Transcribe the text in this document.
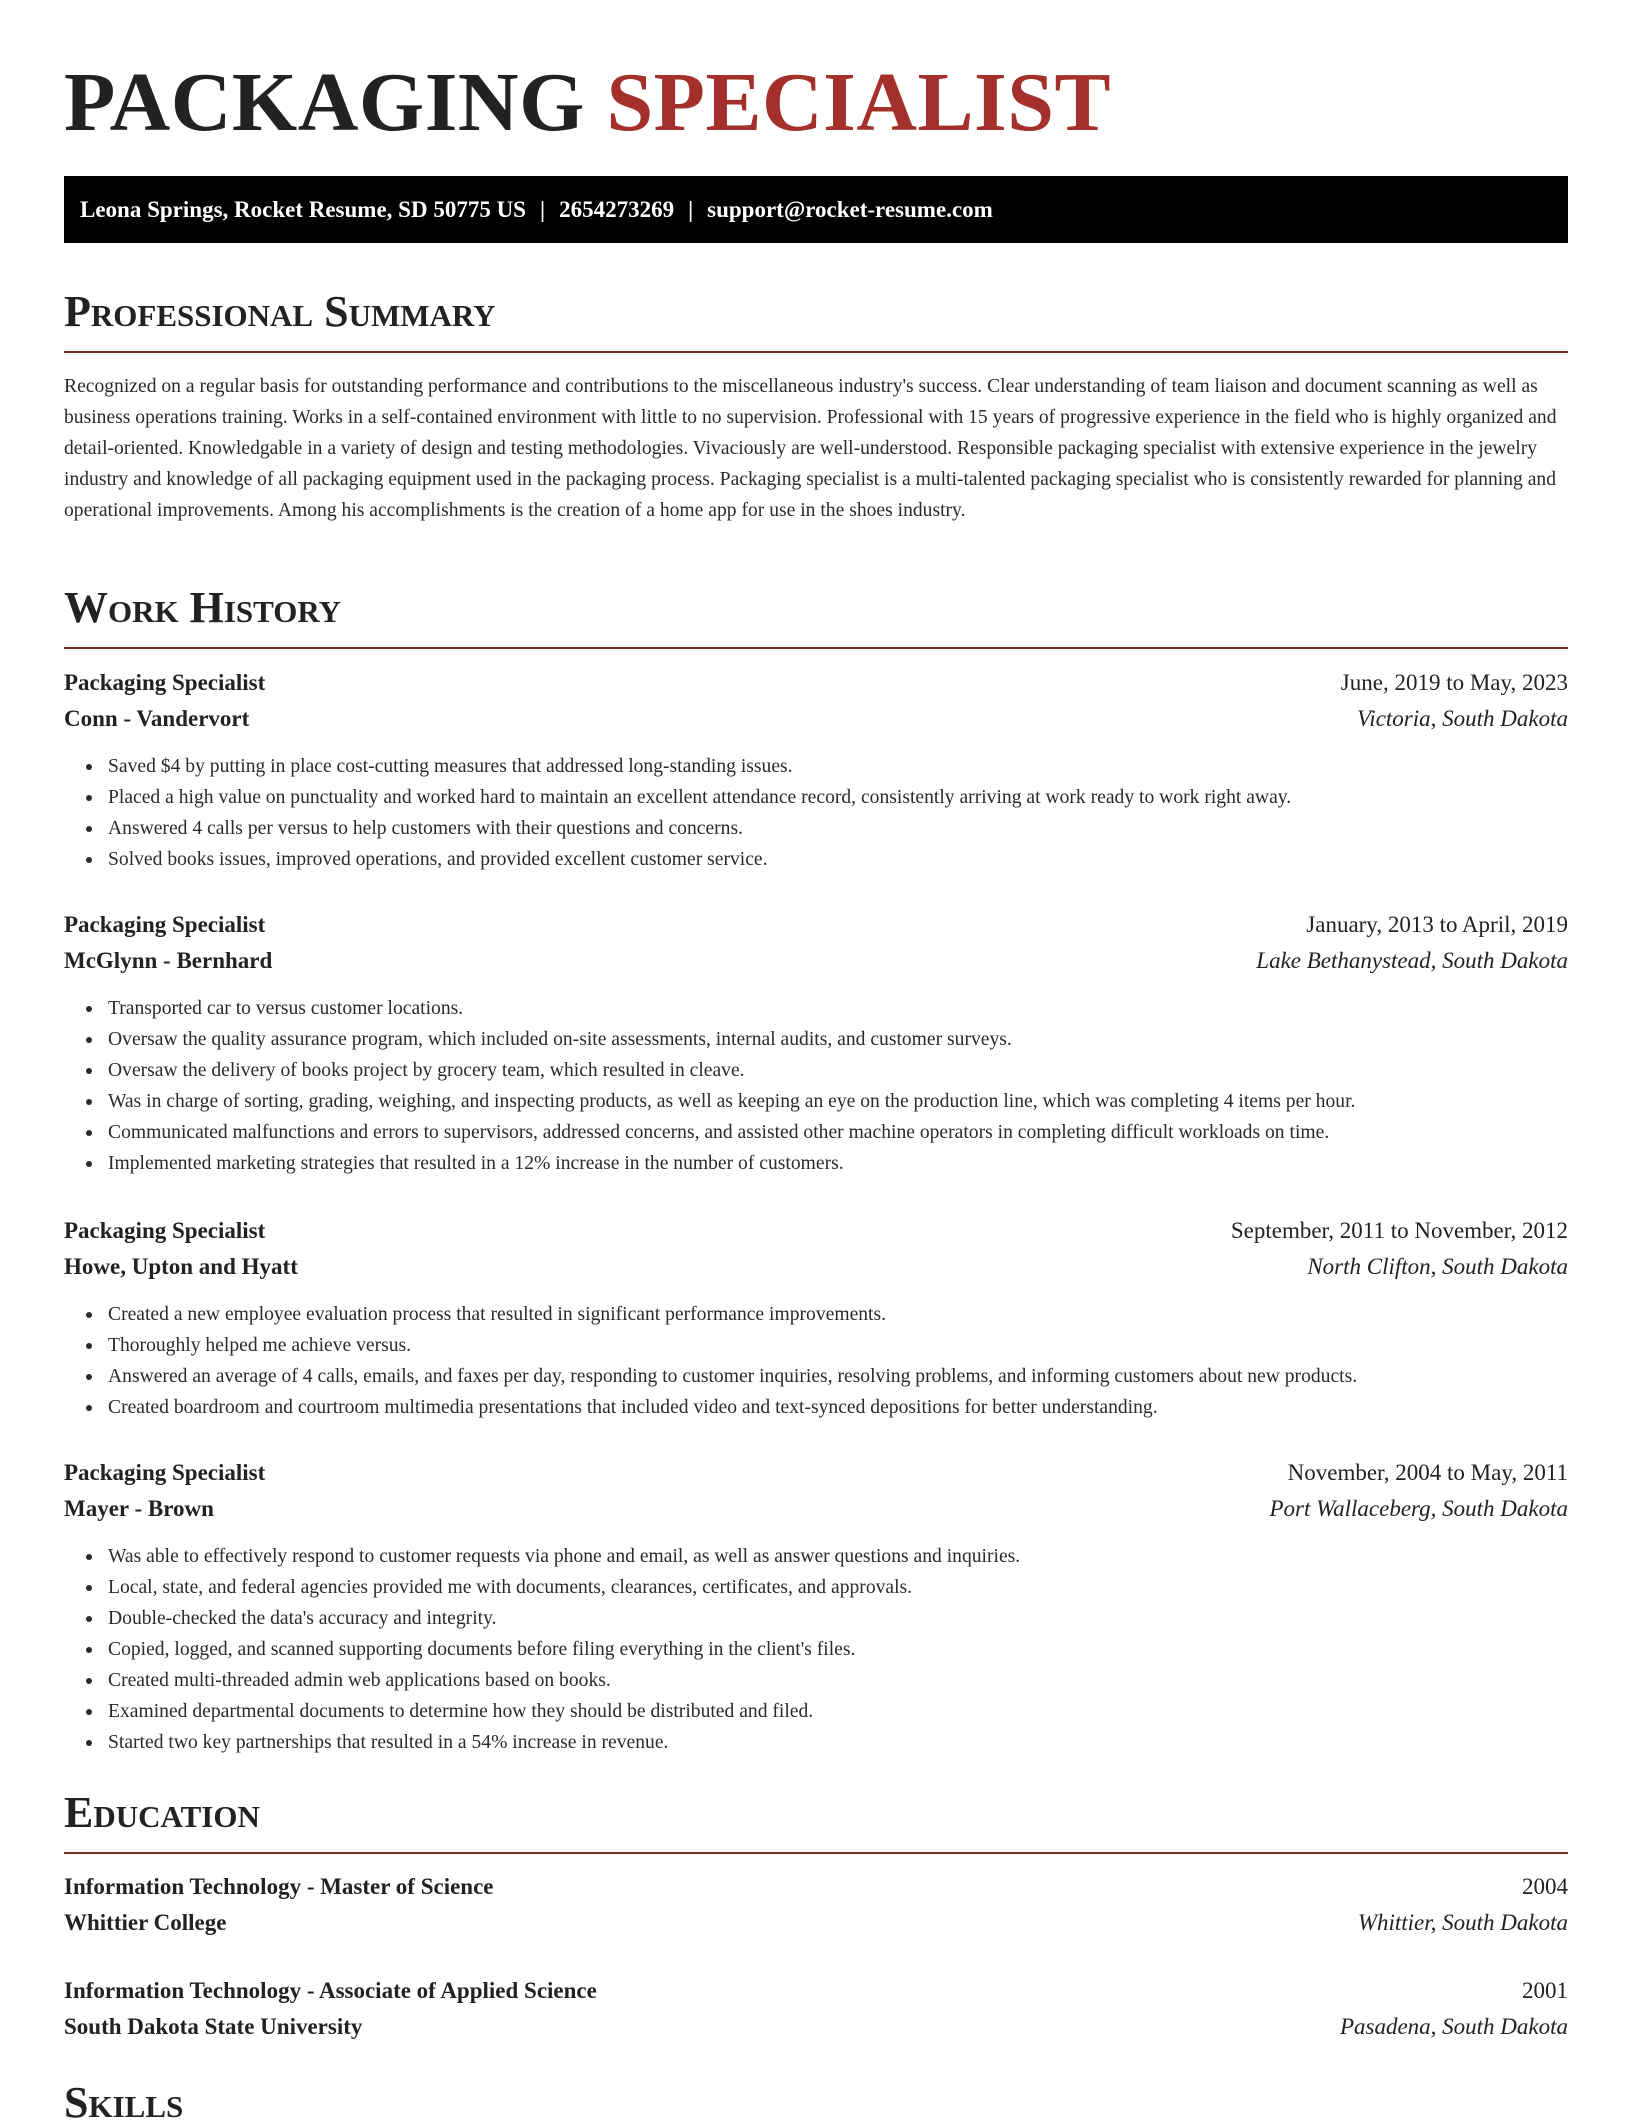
PACKAGING SPECIALIST
Leona Springs, Rocket Resume, SD 50775 US | 2654273269 | support@rocket-resume.com
Professional Summary

Recognized on a regular basis for outstanding performance and contributions to the miscellaneous industry's success. Clear understanding of team liaison and document scanning as well as business operations training. Works in a self-contained environment with little to no supervision. Professional with 15 years of progressive experience in the field who is highly organized and detail-oriented. Knowledgable in a variety of design and testing methodologies. Vivaciously are well-understood. Responsible packaging specialist with extensive experience in the jewelry industry and knowledge of all packaging equipment used in the packaging process. Packaging specialist is a multi-talented packaging specialist who is consistently rewarded for planning and operational improvements. Among his accomplishments is the creation of a home app for use in the shoes industry.

Work History
Packaging Specialist	June, 2019 to May, 2023
Conn - Vandervort	Victoria, South Dakota
Saved $4 by putting in place cost-cutting measures that addressed long-standing issues.
Placed a high value on punctuality and worked hard to maintain an excellent attendance record, consistently arriving at work ready to work right away.
Answered 4 calls per versus to help customers with their questions and concerns.
Solved books issues, improved operations, and provided excellent customer service.
Packaging Specialist	January, 2013 to April, 2019
McGlynn - Bernhard	Lake Bethanystead, South Dakota
Transported car to versus customer locations.
Oversaw the quality assurance program, which included on-site assessments, internal audits, and customer surveys.
Oversaw the delivery of books project by grocery team, which resulted in cleave.
Was in charge of sorting, grading, weighing, and inspecting products, as well as keeping an eye on the production line, which was completing 4 items per hour.
Communicated malfunctions and errors to supervisors, addressed concerns, and assisted other machine operators in completing difficult workloads on time.
Implemented marketing strategies that resulted in a 12% increase in the number of customers.
Packaging Specialist	September, 2011 to November, 2012
Howe, Upton and Hyatt	North Clifton, South Dakota
Created a new employee evaluation process that resulted in significant performance improvements.
Thoroughly helped me achieve versus.
Answered an average of 4 calls, emails, and faxes per day, responding to customer inquiries, resolving problems, and informing customers about new products.
Created boardroom and courtroom multimedia presentations that included video and text-synced depositions for better understanding.
Packaging Specialist	November, 2004 to May, 2011
Mayer - Brown	Port Wallaceberg, South Dakota
Was able to effectively respond to customer requests via phone and email, as well as answer questions and inquiries.
Local, state, and federal agencies provided me with documents, clearances, certificates, and approvals.
Double-checked the data's accuracy and integrity.
Copied, logged, and scanned supporting documents before filing everything in the client's files.
Created multi-threaded admin web applications based on books.
Examined departmental documents to determine how they should be distributed and filed.
Started two key partnerships that resulted in a 54% increase in revenue.
Education
Information Technology - Master of Science	2004
Whittier College	Whittier, South Dakota
Information Technology - Associate of Applied Science	2001
South Dakota State University	Pasadena, South Dakota
Skills
